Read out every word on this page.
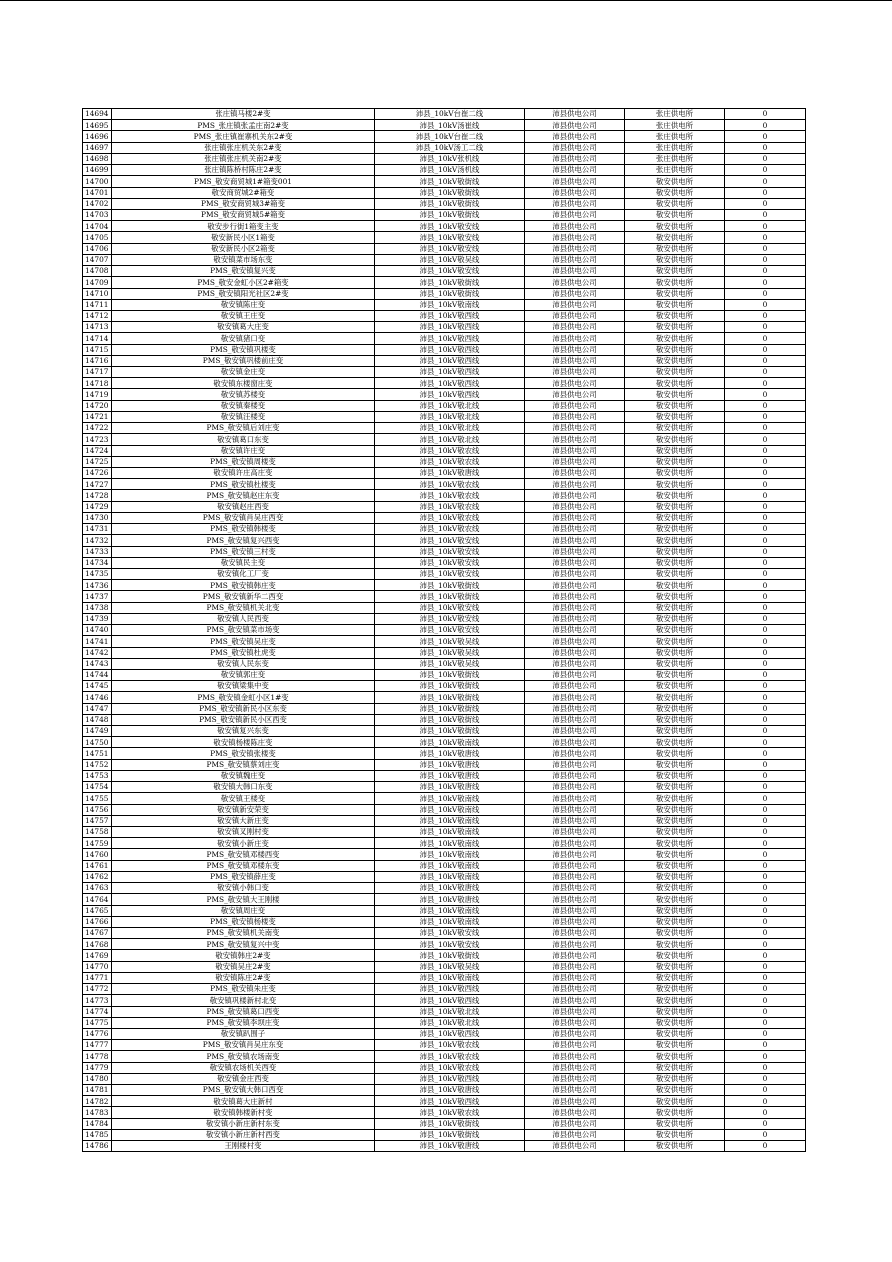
14694	张庄镇马楼2#变	沛县_10kV台崔二线	沛县供电公司	张庄供电所	0
14695	PMS_张庄镇张孟庄南2#变	沛县_10kV汤崔线	沛县供电公司	张庄供电所	0
14696	PMS_张庄镇崔寨机关东2#变	沛县_10kV台崔二线	沛县供电公司	张庄供电所	0
14697	张庄镇张庄机关东2#变	沛县_10kV汤工二线	沛县供电公司	张庄供电所	0
14698	张庄镇张庄机关南2#变	沛县_10kV张机线	沛县供电公司	张庄供电所	0
14699	张庄镇陈桥村陈庄2#变	沛县_10kV汤机线	沛县供电公司	张庄供电所	0
14700	PMS_敬安商贸城1#箱变001	沛县_10kV敬街线	沛县供电公司	敬安供电所	0
14701	敬安商贸城2#箱变	沛县_10kV敬街线	沛县供电公司	敬安供电所	0
14702	PMS_敬安商贸城3#箱变	沛县_10kV敬街线	沛县供电公司	敬安供电所	0
14703	PMS_敬安商贸城5#箱变	沛县_10kV敬街线	沛县供电公司	敬安供电所	0
14704	敬安步行街1箱变主变	沛县_10kV敬安线	沛县供电公司	敬安供电所	0
14705	敬安新民小区1箱变	沛县_10kV敬安线	沛县供电公司	敬安供电所	0
14706	敬安新民小区2箱变	沛县_10kV敬安线	沛县供电公司	敬安供电所	0
14707	敬安镇菜市场东变	沛县_10kV敬吴线	沛县供电公司	敬安供电所	0
14708	PMS_敬安镇复兴变	沛县_10kV敬安线	沛县供电公司	敬安供电所	0
14709	PMS_敬安金虹小区2#箱变	沛县_10kV敬街线	沛县供电公司	敬安供电所	0
14710	PMS_敬安镇阳光社区2#变	沛县_10kV敬街线	沛县供电公司	敬安供电所	0
14711	敬安镇陈庄变	沛县_10kV敬南线	沛县供电公司	敬安供电所	0
14712	敬安镇王庄变	沛县_10kV敬西线	沛县供电公司	敬安供电所	0
14713	敬安镇葛大庄变	沛县_10kV敬西线	沛县供电公司	敬安供电所	0
14714	敬安镇猪口变	沛县_10kV敬西线	沛县供电公司	敬安供电所	0
14715	PMS_敬安镇巩楼变	沛县_10kV敬西线	沛县供电公司	敬安供电所	0
14716	PMS_敬安镇巩楼前庄变	沛县_10kV敬西线	沛县供电公司	敬安供电所	0
14717	敬安镇金庄变	沛县_10kV敬西线	沛县供电公司	敬安供电所	0
14718	敬安镇东楼窗庄变	沛县_10kV敬西线	沛县供电公司	敬安供电所	0
14719	敬安镇苏楼变	沛县_10kV敬西线	沛县供电公司	敬安供电所	0
14720	敬安镇秦楼变	沛县_10kV敬北线	沛县供电公司	敬安供电所	0
14721	敬安镇汪楼变	沛县_10kV敬北线	沛县供电公司	敬安供电所	0
14722	PMS_敬安镇后刘庄变	沛县_10kV敬北线	沛县供电公司	敬安供电所	0
14723	敬安镇葛口东变	沛县_10kV敬北线	沛县供电公司	敬安供电所	0
14724	敬安镇许庄变	沛县_10kV敬农线	沛县供电公司	敬安供电所	0
14725	PMS_敬安镇周楼变	沛县_10kV敬农线	沛县供电公司	敬安供电所	0
14726	敬安镇许庄高庄变	沛县_10kV敬唐线	沛县供电公司	敬安供电所	0
14727	PMS_敬安镇杜楼变	沛县_10kV敬农线	沛县供电公司	敬安供电所	0
14728	PMS_敬安镇赵庄东变	沛县_10kV敬农线	沛县供电公司	敬安供电所	0
14729	敬安镇赵庄西变	沛县_10kV敬农线	沛县供电公司	敬安供电所	0
14730	PMS_敬安镇肖吴庄西变	沛县_10kV敬农线	沛县供电公司	敬安供电所	0
14731	PMS_敬安镇韩楼变	沛县_10kV敬农线	沛县供电公司	敬安供电所	0
14732	PMS_敬安镇复兴西变	沛县_10kV敬安线	沛县供电公司	敬安供电所	0
14733	PMS_敬安镇三村变	沛县_10kV敬安线	沛县供电公司	敬安供电所	0
14734	敬安镇民主变	沛县_10kV敬安线	沛县供电公司	敬安供电所	0
14735	敬安镇化工厂变	沛县_10kV敬安线	沛县供电公司	敬安供电所	0
14736	PMS_敬安镇韩庄变	沛县_10kV敬街线	沛县供电公司	敬安供电所	0
14737	PMS_敬安镇新华二西变	沛县_10kV敬街线	沛县供电公司	敬安供电所	0
14738	PMS_敬安镇机关北变	沛县_10kV敬安线	沛县供电公司	敬安供电所	0
14739	敬安镇人民西变	沛县_10kV敬安线	沛县供电公司	敬安供电所	0
14740	PMS_敬安镇菜市场变	沛县_10kV敬安线	沛县供电公司	敬安供电所	0
14741	PMS_敬安镇吴庄变	沛县_10kV敬吴线	沛县供电公司	敬安供电所	0
14742	PMS_敬安镇杜虎变	沛县_10kV敬吴线	沛县供电公司	敬安供电所	0
14743	敬安镇人民东变	沛县_10kV敬吴线	沛县供电公司	敬安供电所	0
14744	敬安镇郭庄变	沛县_10kV敬街线	沛县供电公司	敬安供电所	0
14745	敬安镇梁集中变	沛县_10kV敬街线	沛县供电公司	敬安供电所	0
14746	PMS_敬安镇金虹小区1#变	沛县_10kV敬街线	沛县供电公司	敬安供电所	0
14747	PMS_敬安镇新民小区东变	沛县_10kV敬街线	沛县供电公司	敬安供电所	0
14748	PMS_敬安镇新民小区西变	沛县_10kV敬街线	沛县供电公司	敬安供电所	0
14749	敬安镇复兴东变	沛县_10kV敬街线	沛县供电公司	敬安供电所	0
14750	敬安镇杨楼陈庄变	沛县_10kV敬南线	沛县供电公司	敬安供电所	0
14751	PMS_敬安镇张楼变	沛县_10kV敬唐线	沛县供电公司	敬安供电所	0
14752	PMS_敬安镇蔡刘庄变	沛县_10kV敬唐线	沛县供电公司	敬安供电所	0
14753	敬安镇魏庄变	沛县_10kV敬唐线	沛县供电公司	敬安供电所	0
14754	敬安镇大韩口东变	沛县_10kV敬唐线	沛县供电公司	敬安供电所	0
14755	敬安镇王楼变	沛县_10kV敬南线	沛县供电公司	敬安供电所	0
14756	敬安镇新安荣变	沛县_10kV敬南线	沛县供电公司	敬安供电所	0
14757	敬安镇大新庄变	沛县_10kV敬南线	沛县供电公司	敬安供电所	0
14758	敬安镇叉刚村变	沛县_10kV敬南线	沛县供电公司	敬安供电所	0
14759	敬安镇小新庄变	沛县_10kV敬南线	沛县供电公司	敬安供电所	0
14760	PMS_敬安镇邓楼西变	沛县_10kV敬南线	沛县供电公司	敬安供电所	0
14761	PMS_敬安镇邓楼东变	沛县_10kV敬南线	沛县供电公司	敬安供电所	0
14762	PMS_敬安镇薛庄变	沛县_10kV敬南线	沛县供电公司	敬安供电所	0
14763	敬安镇小韩口变	沛县_10kV敬唐线	沛县供电公司	敬安供电所	0
14764	PMS_敬安镇大王刚楼	沛县_10kV敬唐线	沛县供电公司	敬安供电所	0
14765	敬安镇周庄变	沛县_10kV敬南线	沛县供电公司	敬安供电所	0
14766	PMS_敬安镇杨楼变	沛县_10kV敬南线	沛县供电公司	敬安供电所	0
14767	PMS_敬安镇机关南变	沛县_10kV敬安线	沛县供电公司	敬安供电所	0
14768	PMS_敬安镇复兴中变	沛县_10kV敬安线	沛县供电公司	敬安供电所	0
14769	敬安镇韩庄2#变	沛县_10kV敬街线	沛县供电公司	敬安供电所	0
14770	敬安镇吴庄2#变	沛县_10kV敬吴线	沛县供电公司	敬安供电所	0
14771	敬安镇陈庄2#变	沛县_10kV敬南线	沛县供电公司	敬安供电所	0
14772	PMS_敬安镇朱庄变	沛县_10kV敬西线	沛县供电公司	敬安供电所	0
14773	敬安镇巩楼新村北变	沛县_10kV敬西线	沛县供电公司	敬安供电所	0
14774	PMS_敬安镇葛口西变	沛县_10kV敬北线	沛县供电公司	敬安供电所	0
14775	PMS_敬安镇李坝庄变	沛县_10kV敬北线	沛县供电公司	敬安供电所	0
14776	敬安镇趴围子	沛县_10kV敬西线	沛县供电公司	敬安供电所	0
14777	PMS_敬安镇肖吴庄东变	沛县_10kV敬农线	沛县供电公司	敬安供电所	0
14778	PMS_敬安镇农场南变	沛县_10kV敬农线	沛县供电公司	敬安供电所	0
14779	敬安镇农场机关西变	沛县_10kV敬农线	沛县供电公司	敬安供电所	0
14780	敬安镇金庄西变	沛县_10kV敬西线	沛县供电公司	敬安供电所	0
14781	PMS_敬安镇大韩口西变	沛县_10kV敬唐线	沛县供电公司	敬安供电所	0
14782	敬安镇葛大庄新村	沛县_10kV敬西线	沛县供电公司	敬安供电所	0
14783	敬安镇韩楼新村变	沛县_10kV敬农线	沛县供电公司	敬安供电所	0
14784	敬安镇小新庄新村东变	沛县_10kV敬街线	沛县供电公司	敬安供电所	0
14785	敬安镇小新庄新村西变	沛县_10kV敬街线	沛县供电公司	敬安供电所	0
14786	王刚楼村变	沛县_10kV敬唐线	沛县供电公司	敬安供电所	0
